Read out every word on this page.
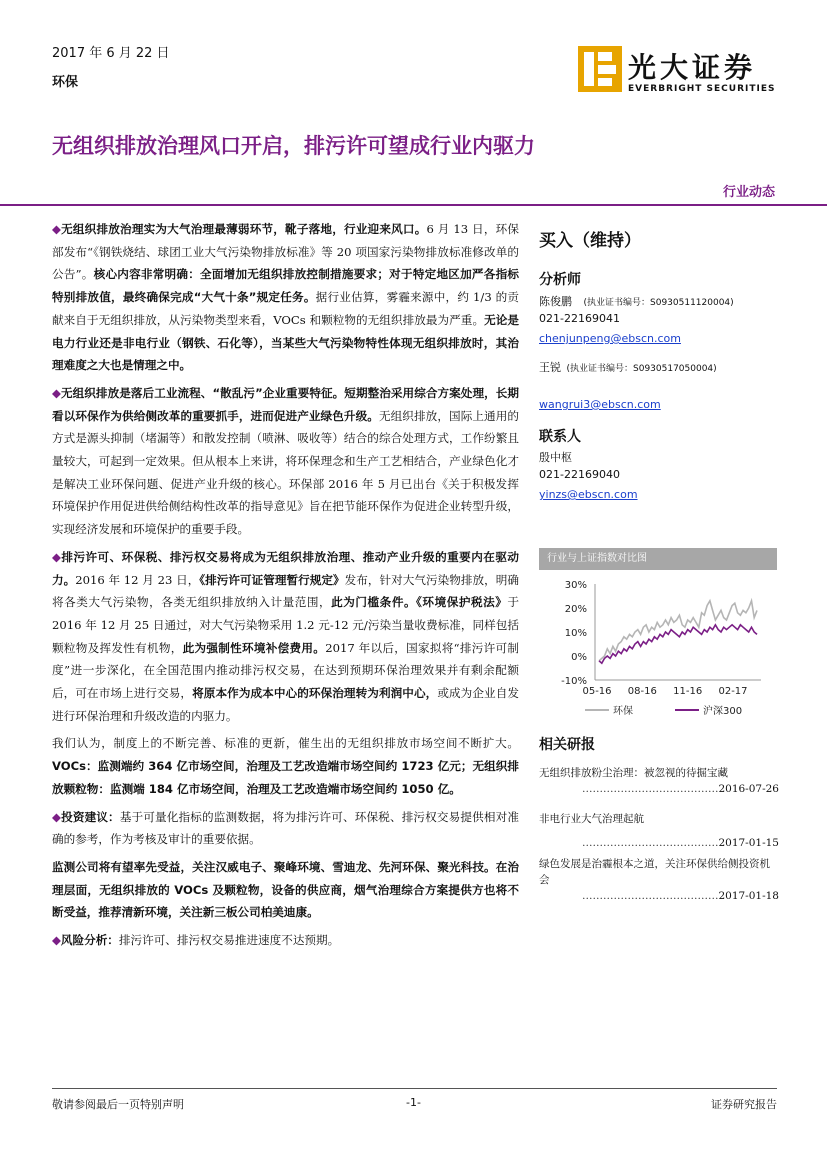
2017 年 6 月 22 日
环保	光大证券
EVERBRIGHT SECURITIES
无组织排放治理风口开启，排污许可望成行业内驱力
行业动态

◆无组织排放治理实为大气治理最薄弱环节，靴子落地，行业迎来风口。6 月 13 日，环保部发布“《钢铁烧结、球团工业大气污染物排放标准》等 20 项国家污染物排放标准修改单的公告”。核心内容非常明确：全面增加无组织排放控制措施要求；对于特定地区加严各指标特别排放值，最终确保完成“大气十条”规定任务。据行业估算，雾霾来源中，约 1/3 的贡献来自于无组织排放，从污染物类型来看，VOCs 和颗粒物的无组织排放最为严重。无论是电力行业还是非电行业（钢铁、石化等），当某些大气污染物特性体现无组织排放时，其治理难度之大也是情理之中。

◆无组织排放是落后工业流程、“散乱污”企业重要特征。短期整治采用综合方案处理，长期看以环保作为供给侧改革的重要抓手，进而促进产业绿色升级。无组织排放，国际上通用的方式是源头抑制（堵漏等）和散发控制（喷淋、吸收等）结合的综合处理方式，工作纷繁且量较大，可起到一定效果。但从根本上来讲，将环保理念和生产工艺相结合，产业绿色化才是解决工业环保问题、促进产业升级的核心。环保部 2016 年 5 月已出台《关于积极发挥环境保护作用促进供给侧结构性改革的指导意见》旨在把节能环保作为促进企业转型升级，实现经济发展和环境保护的重要手段。

◆排污许可、环保税、排污权交易将成为无组织排放治理、推动产业升级的重要内在驱动力。2016 年 12 月 23 日，《排污许可证管理暂行规定》发布，针对大气污染物排放，明确将各类大气污染物，各类无组织排放纳入计量范围，此为门槛条件。《环境保护税法》于 2016 年 12 月 25 日通过，对大气污染物采用 1.2 元-12 元/污染当量收费标准，同样包括颗粒物及挥发性有机物，此为强制性环境补偿费用。2017 年以后，国家拟将“排污许可制度”进一步深化，在全国范围内推动排污权交易，在达到预期环保治理效果并有剩余配额后，可在市场上进行交易，将原本作为成本中心的环保治理转为利润中心，或成为企业自发进行环保治理和升级改造的内驱力。

我们认为，制度上的不断完善、标准的更新，催生出的无组织排放市场空间不断扩大。VOCs：监测端约 364 亿市场空间，治理及工艺改造端市场空间约 1723 亿元；无组织排放颗粒物：监测端 184 亿市场空间，治理及工艺改造端市场空间约 1050 亿。

◆投资建议：基于可量化指标的监测数据，将为排污许可、环保税、排污权交易提供相对准确的参考，作为考核及审计的重要依据。

监测公司将有望率先受益，关注汉威电子、聚峰环境、雪迪龙、先河环保、聚光科技。在治理层面，无组织排放的 VOCs 及颗粒物，设备的供应商，烟气治理综合方案提供方也将不断受益，推荐清新环境，关注新三板公司柏美迪康。

◆风险分析：排污许可、排污权交易推进速度不达预期。

买入（维持）
分析师
陈俊鹏 (执业证书编号：S0930511120004)
021-22169041
chenjunpeng@ebscn.com
王锐 (执业证书编号：S0930517050004)
wangrui3@ebscn.com
联系人
殷中枢
021-22169040
yinzs@ebscn.com
行业与上证指数对比图
30%
20%
10%
0%
-10%
05-16 08-16 11-16 02-17
环保	沪深300
相关研报
无组织排放粉尘治理：被忽视的待掘宝藏
…………………………………2016-07-26
非电行业大气治理起航
…………………………………2017-01-15
绿色发展是治霾根本之道，关注环保供给侧投资机会
…………………………………2017-01-18
敬请参阅最后一页特别声明	-1-	证券研究报告
